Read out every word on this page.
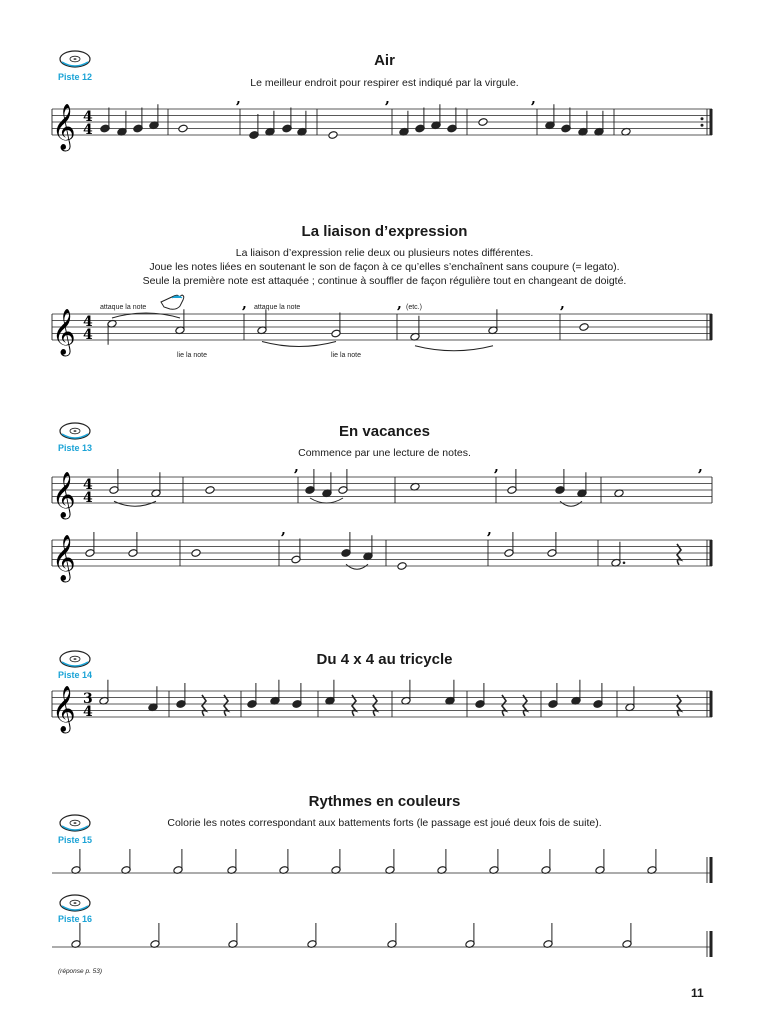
Piste 12
Air
Le meilleur endroit pour respirer est indiqué par la virgule.
La liaison d’expression
La liaison d’expression relie deux ou plusieurs notes différentes.
Joue les notes liées en soutenant le son de façon à ce qu’elles s’enchaînent sans coupure (= legato).
Seule la première note est attaquée ; continue à souffler de façon régulière tout en changeant de doigté.
attaque la note	attaque la note	(etc.)
lie la note	lie la note
Piste 13
En vacances
Commence par une lecture de notes.
Piste 14
Du 4 x 4 au tricycle
Rythmes en couleurs
Colorie les notes correspondant aux battements forts (le passage est joué deux fois de suite).
Piste 15
Piste 16
(réponse p. 53)
11
𝄞 4
4
,	,	,
𝄞 4
4
,	,	,
𝄞 4
4
,	,	,
𝄞
,	,
𝄞 3
4
